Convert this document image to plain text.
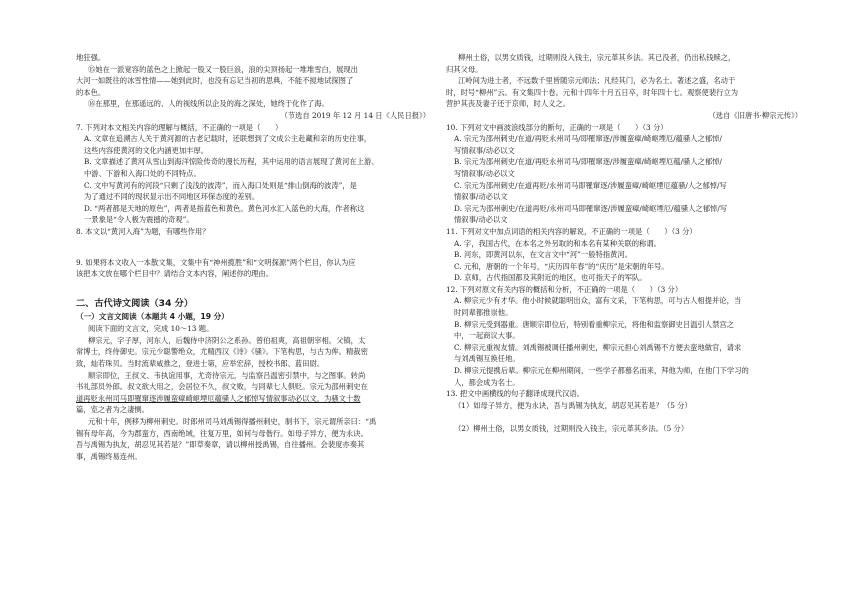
地狂强。
⑮她在一派宽容的蓝色之上掀起一股又一股巨浪，浪的尖顶扬起一堆堆雪白，展现出
大河一如既往的冰雪性情——她到此时，也没有忘记当初的思典，不能不搅地试探图了
的本色。
⑯在那里，在那遥远的、人的视线所以企及的海之深处，她终于化作了海。
（节选自 2019 年 12 月 14 日《人民日报》）
7. 下列对本文相关内容的理解与概括，不正确的一项是（　　）
A. 文章在追溯古人关于黄河源的古老记载时，还联想到了文成公主赴藏和亲的历史往事，
这些内容使黄河的文化内涵更加丰厚。
B. 文章描述了黄河从雪山到海洋惊险传奇的漫长历程，其中运用的语言展现了黄河在上游、
中游、下游和入海口处的不同特点。
C. 文中写黄河有的河段“只剩了浅浅的波涛”，而入海口处则是“排山倒海的波涛”，是
为了通过不同的现状显示出不同地区环保态度的差别。
D. “两者都是天地的原色”，两者是指蓝色和黄色。黄色河水汇入蓝色的大海，作者称这
一景象是“令人极为震撼的奇观”。
8. 本文以“黄河入海”为题，有哪些作用？
9. 如果将本文收入一本散文集，文集中有“神州揽胜”和“文明探源”两个栏目，你认为应
该把本文放在哪个栏目中？请结合文本内容，阐述你的理由。
二、古代诗文阅读（34 分）
（一）文言文阅读（本题共 4 小题，19 分）
阅读下面的文言文，完成 10～13 题。
柳宗元，字子厚，河东人，后魏侍中济阴公之系孙。曾伯祖爽，高祖朝宰相。父镇，太
常博士，终侍御史。宗元少聪警绝众，尤精西汉《诗》《骚》。下笔构思，与古为侔。精裁密
致，灿若珠贝。当时流辈咸推之，登进士第，应举宏辞，授校书郎、蓝田尉。
顺宗即位，王叔文、韦执谊用事，尤奇待宗元，与监察吕温密引禁中，与之图事。转尚
书礼部员外郎。叔文欲大用之，会居位不久，叔文败，与同辈七人俱贬。宗元为邵州刺史在
道再贬永州司马即罹窜逐涉履蛮瘴崎岖堙厄蕴骚人之郁悼写情叙事动必以文，为骚文十数
篇，览之者为之凄恻。
元和十年，例移为柳州刺史。时郎州司马刘禹锡得播州刺史，制书下，宗元谓所亲曰：“禹
锡有母年高，今为郡蛮方，西南绝域，往复万里，如何与母偕行。如母子异方，便为永诀。
吾与禹锡为执友，胡忍见其若是？”即草奏章，请以柳州授禹锡，自往播州。会裴度亦奏其
事，禹锡终易连州。
柳州土俗，以男女质钱，过期则没入钱主，宗元革其乡法。其已没者，仍出私钱赎之，
归其父母。
江岭间为进士者，不远数千里皆随宗元师法；凡经其门，必为名士。著述之盛，名动于
时，时号“柳州”云。有文集四十卷。元和十四年十月五日卒，时年四十七。观察使裴行立为
营护其丧及妻子还于京师，时人义之。
（选自《旧唐书·柳宗元传》）
10. 下列对文中画波浪线部分的断句，正确的一项是（　　）（3 分）
A. 宗元为邵州刺史/在道/再贬永州司马/即罹窜逐/涉履蛮瘴/崎岖堙厄/蕴骚人之郁悼/
写情叙事/动必以文
B. 宗元为邵州刺史/在道/再贬永州司马/即罹窜逐/涉履蛮瘴/崎岖堙厄蕴/骚人之郁悼/
写情叙事/动必以文
C. 宗元为邵州刺史/在道再贬/永州司马即罹窜逐/涉履蛮瘴/崎岖堙厄蕴骚/人之郁悼/写
情叙事/动必以文
D. 宗元为邵州刺史/在道再贬/永州司马即罹窜逐/涉履蛮瘴/崎岖堙厄/蕴骚人之郁悼/写
情叙事/动必以文
11. 下列对文中加点词语的相关内容的解说，不正确的一项是（　　）（3 分）
A. 字，我国古代，在本名之外另取的和本名有某种关联的称谓。
B. 河东，即黄河以东，在文言文中“河”一般特指黄河。
C. 元和，唐朝的一个年号，“庆历四年春”的“庆历”是宋朝的年号。
D. 京师，古代指国都及其附近的地区，也可指天子的军队。
12. 下列对原文有关内容的概括和分析，不正确的一项是（　　）（3 分）
A. 柳宗元少有才华。他小时候就聪明出众，富有文采，下笔构思，可与古人相提并论，当
时同辈都推崇他。
B. 柳宗元受到器重。唐顺宗即位后，特别看重柳宗元，将他和监察御史吕温引人禁宫之
中，一起商议大事。
C. 柳宗元重视友情。刘禹锡被调任播州刺史，柳宗元担心刘禹锡不方便去蛮地做官，请求
与刘禹锡互换任地。
D. 柳宗元提携后辈。柳宗元在柳州期间，一些学子都慕名而来，拜他为师，在他门下学习的
人，都会成为名士。
13. 把文中画横线的句子翻译成现代汉语。
（1）如母子异方，便为永诀，吾与禹锡为执友，胡忍见其若是？（5 分）
（2）柳州土俗，以男女质钱，过期则没入钱主，宗元革其乡法。（5 分）
